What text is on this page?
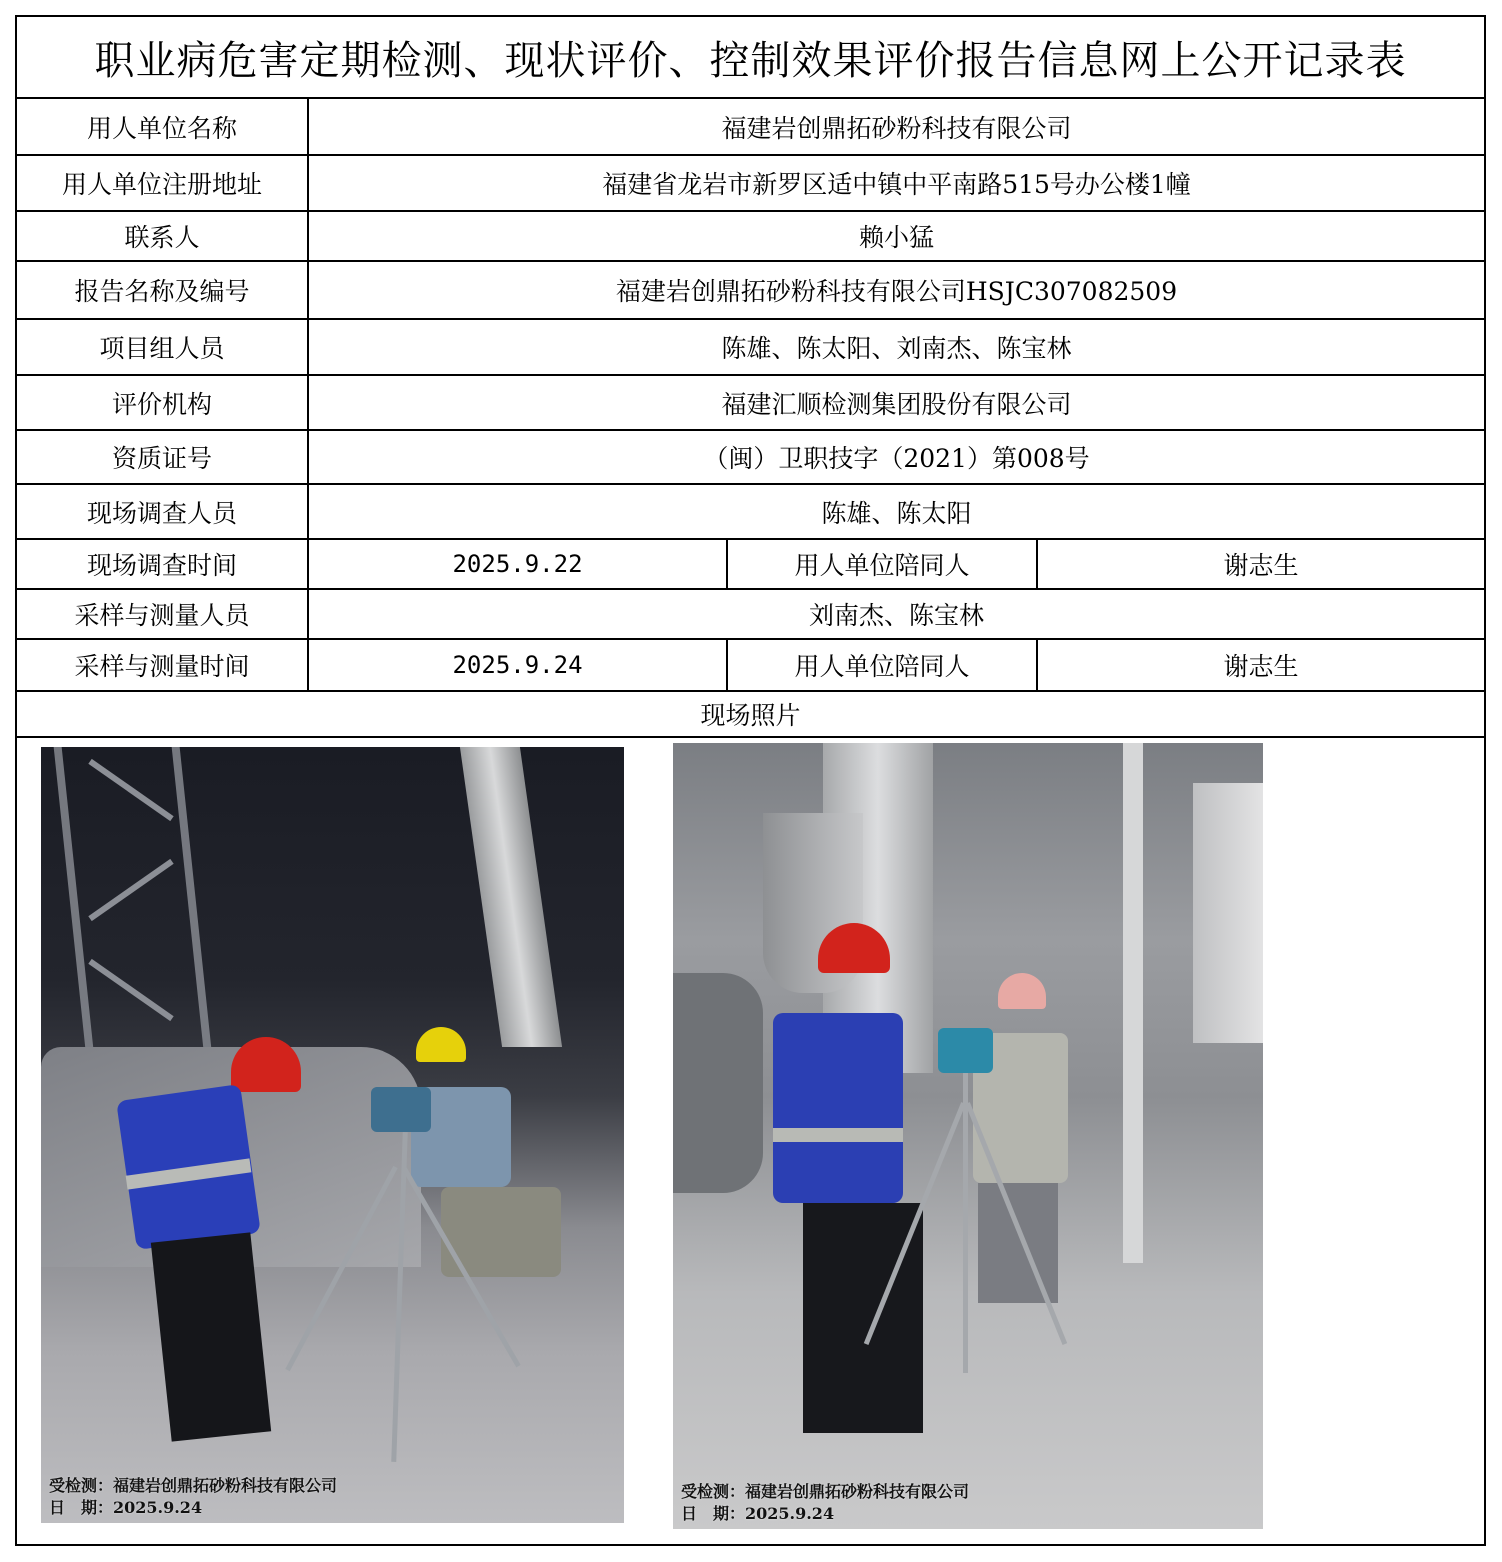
职业病危害定期检测、现状评价、控制效果评价报告信息网上公开记录表
用人单位名称	福建岩创鼎拓砂粉科技有限公司
用人单位注册地址	福建省龙岩市新罗区适中镇中平南路515号办公楼1幢
联系人	赖小猛
报告名称及编号	福建岩创鼎拓砂粉科技有限公司HSJC307082509
项目组人员	陈雄、陈太阳、刘南杰、陈宝林
评价机构	福建汇顺检测集团股份有限公司
资质证号	（闽）卫职技字（2021）第008号
现场调查人员	陈雄、陈太阳
现场调查时间	2025.9.22	用人单位陪同人	谢志生
采样与测量人员	刘南杰、陈宝林
采样与测量时间	2025.9.24	用人单位陪同人	谢志生
现场照片
受检测：福建岩创鼎拓砂粉科技有限公司
日　期：2025.9.24
受检测：福建岩创鼎拓砂粉科技有限公司
日　期：2025.9.24
